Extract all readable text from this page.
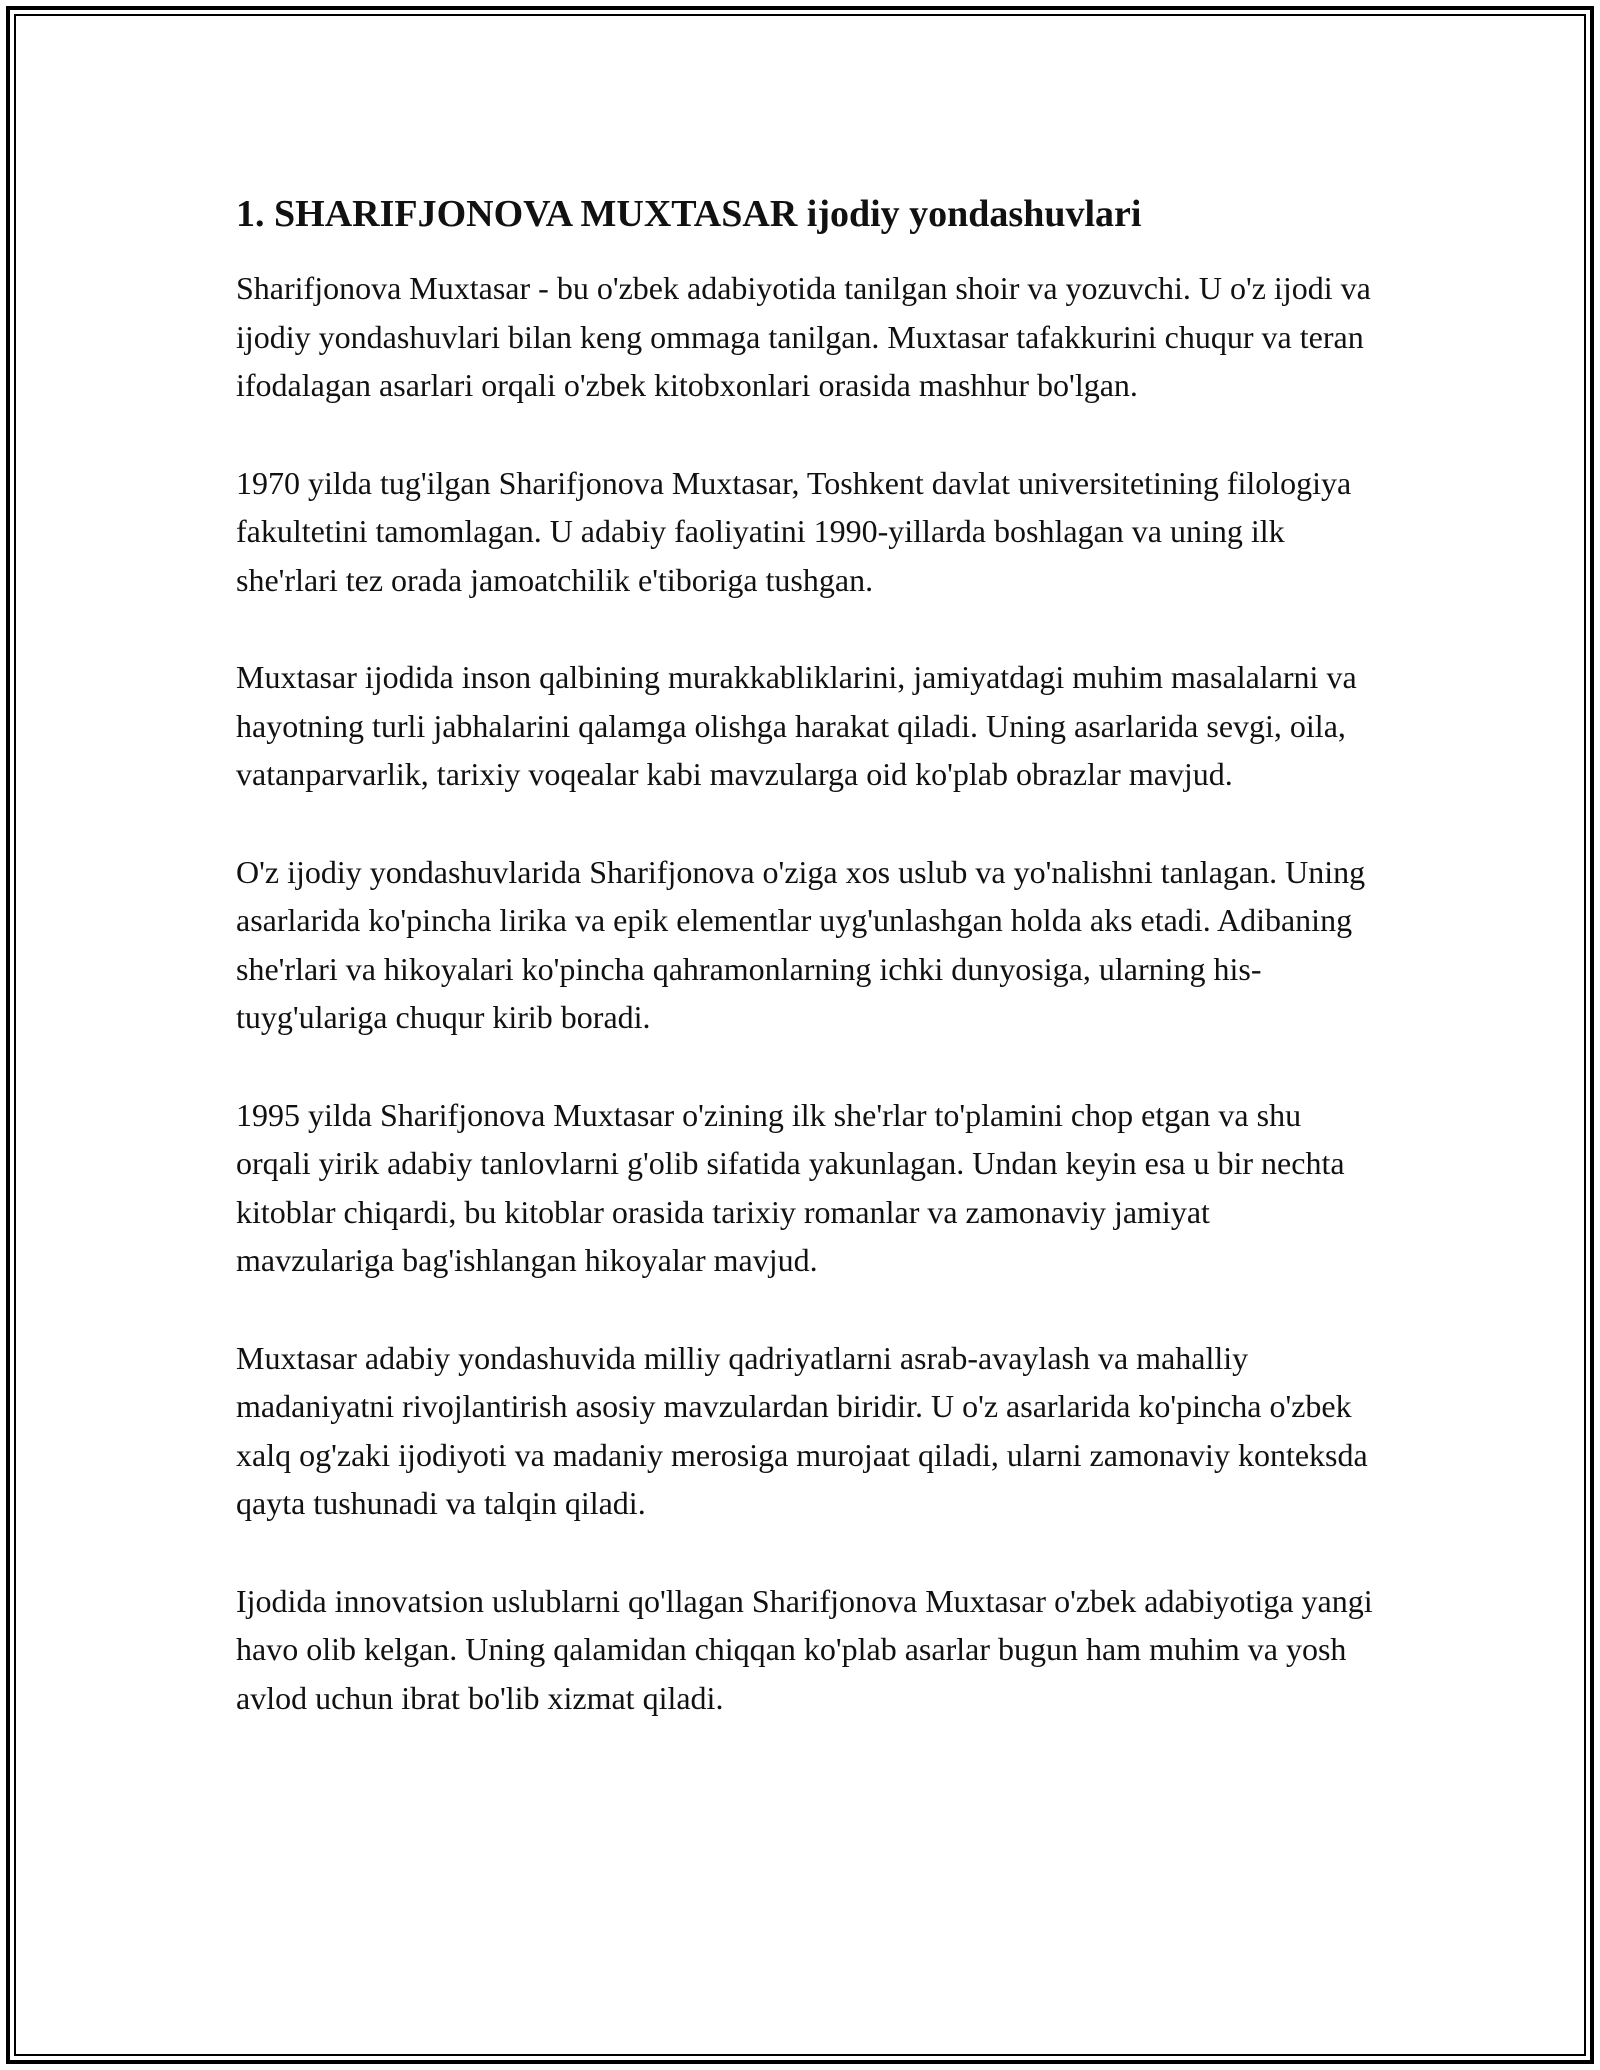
1. SHARIFJONOVA MUXTASAR ijodiy yondashuvlari

Sharifjonova Muxtasar - bu o'zbek adabiyotida tanilgan shoir va yozuvchi. U o'z ijodi va ijodiy yondashuvlari bilan keng ommaga tanilgan. Muxtasar tafakkurini chuqur va teran ifodalagan asarlari orqali o'zbek kitobxonlari orasida mashhur bo'lgan.

1970 yilda tug'ilgan Sharifjonova Muxtasar, Toshkent davlat universitetining filologiya fakultetini tamomlagan. U adabiy faoliyatini 1990-yillarda boshlagan va uning ilk she'rlari tez orada jamoatchilik e'tiboriga tushgan.

Muxtasar ijodida inson qalbining murakkabliklarini, jamiyatdagi muhim masalalarni va hayotning turli jabhalarini qalamga olishga harakat qiladi. Uning asarlarida sevgi, oila, vatanparvarlik, tarixiy voqealar kabi mavzularga oid ko'plab obrazlar mavjud.

O'z ijodiy yondashuvlarida Sharifjonova o'ziga xos uslub va yo'nalishni tanlagan. Uning asarlarida ko'pincha lirika va epik elementlar uyg'unlashgan holda aks etadi. Adibaning she'rlari va hikoyalari ko'pincha qahramonlarning ichki dunyosiga, ularning his-tuyg'ulariga chuqur kirib boradi.

1995 yilda Sharifjonova Muxtasar o'zining ilk she'rlar to'plamini chop etgan va shu orqali yirik adabiy tanlovlarni g'olib sifatida yakunlagan. Undan keyin esa u bir nechta kitoblar chiqardi, bu kitoblar orasida tarixiy romanlar va zamonaviy jamiyat mavzulariga bag'ishlangan hikoyalar mavjud.

Muxtasar adabiy yondashuvida milliy qadriyatlarni asrab-avaylash va mahalliy madaniyatni rivojlantirish asosiy mavzulardan biridir. U o'z asarlarida ko'pincha o'zbek xalq og'zaki ijodiyoti va madaniy merosiga murojaat qiladi, ularni zamonaviy konteksda qayta tushunadi va talqin qiladi.

Ijodida innovatsion uslublarni qo'llagan Sharifjonova Muxtasar o'zbek adabiyotiga yangi havo olib kelgan. Uning qalamidan chiqqan ko'plab asarlar bugun ham muhim va yosh avlod uchun ibrat bo'lib xizmat qiladi.
